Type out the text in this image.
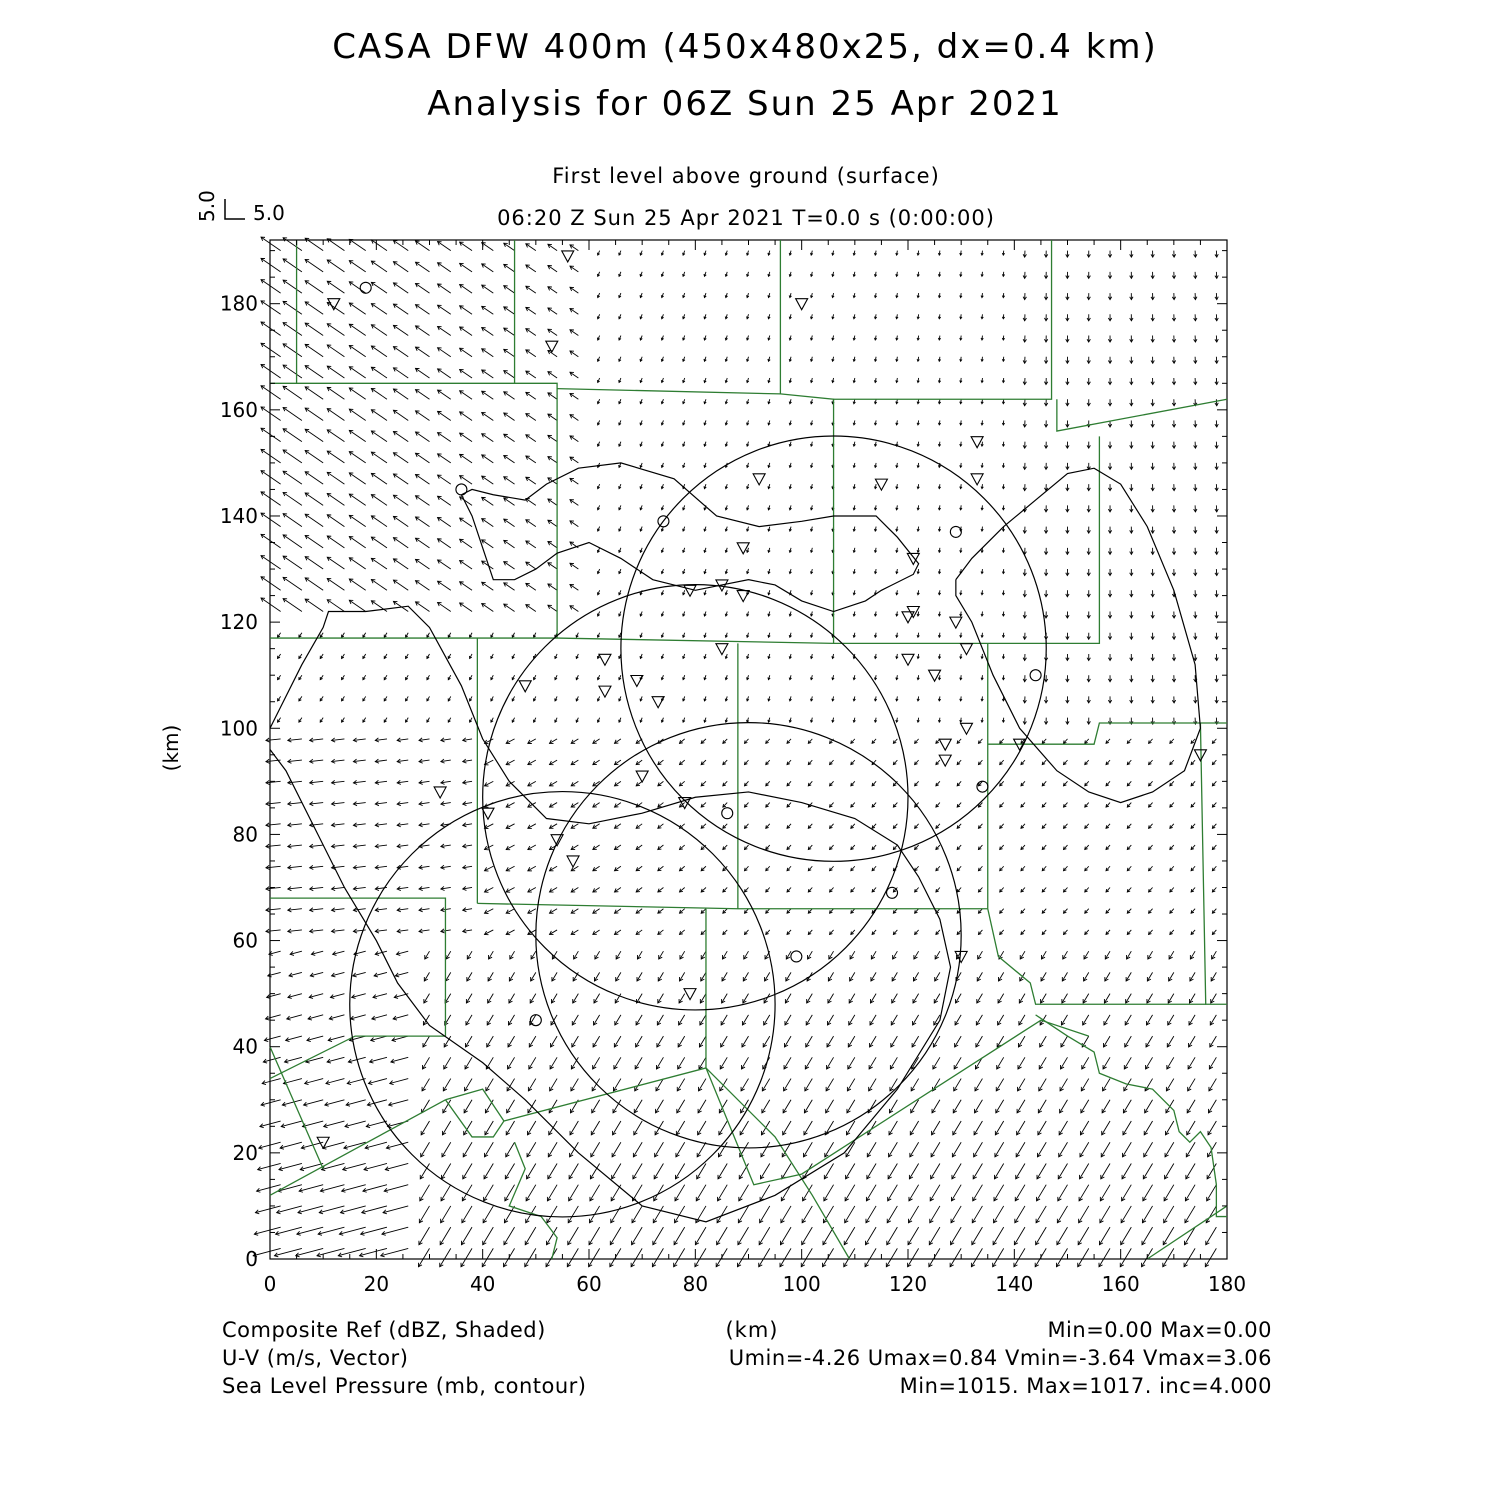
CASA DFW 400m (450x480x25, dx=0.4 km)
Analysis for 06Z Sun 25 Apr 2021
First level above ground (surface)
06:20 Z Sun 25 Apr 2021 T=0.0 s (0:00:00)
5.0 5.0
0	20	40	60	80	100	120	140	160	180
0
20
40
60
80
100
120
140
160
180
(km)
(km)
Composite Ref (dBZ, Shaded)	Min=0.00 Max=0.00
U-V (m/s, Vector)	Umin=-4.26 Umax=0.84 Vmin=-3.64 Vmax=3.06
Sea Level Pressure (mb, contour)	Min=1015. Max=1017. inc=4.000
